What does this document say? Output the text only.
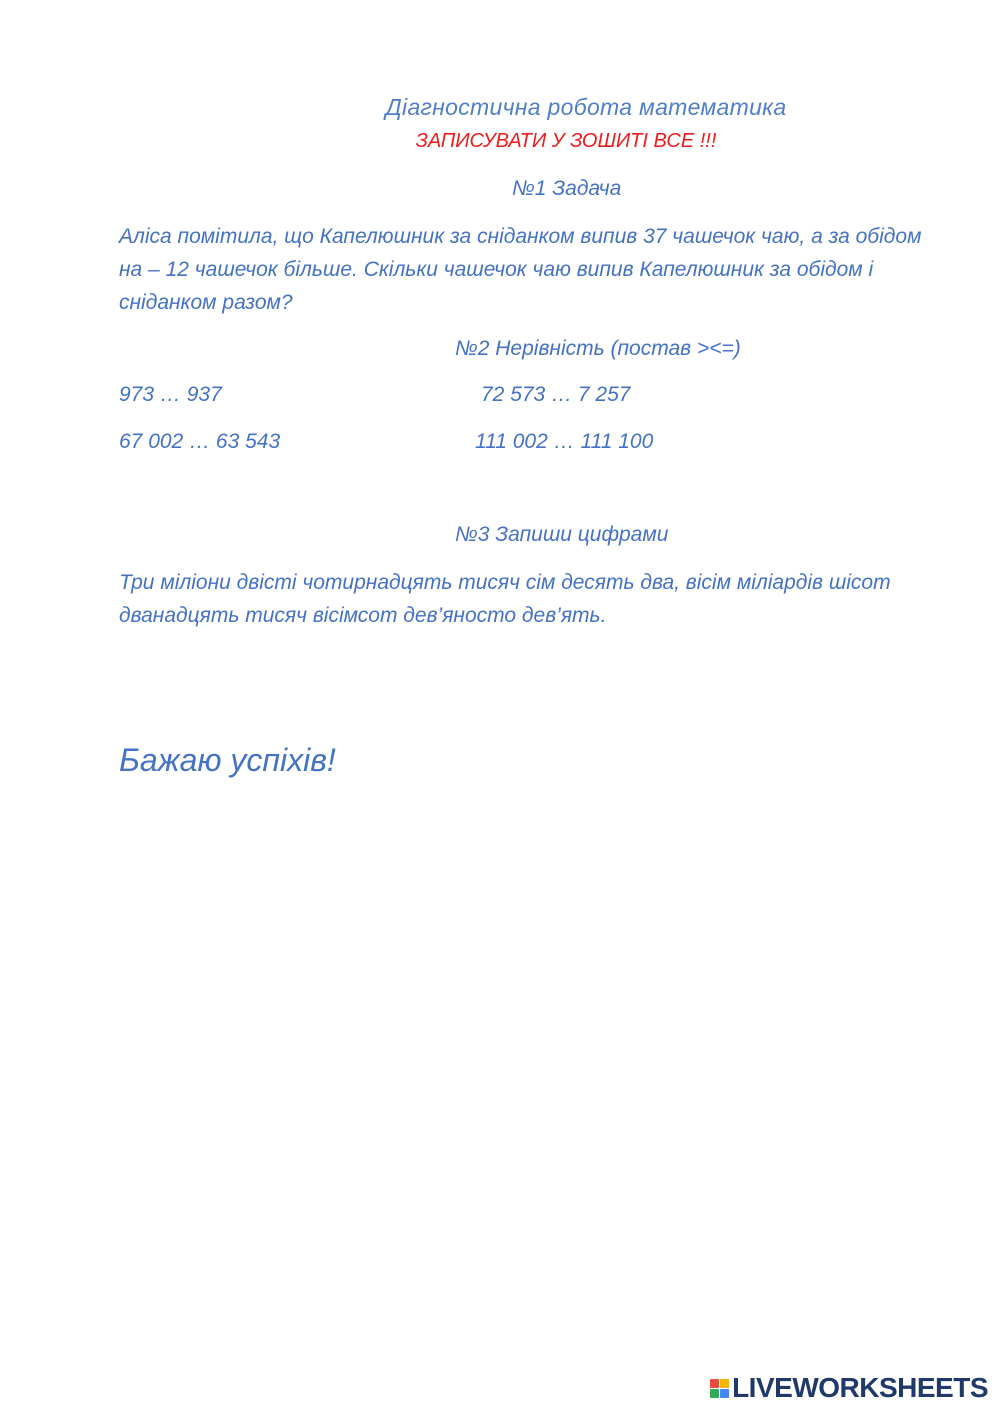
Діагностична робота математика
ЗАПИСУВАТИ У ЗОШИТІ ВСЕ !!!
№1 Задача
Аліса помітила, що Капелюшник за сніданком випив 37 чашечок чаю, а за обідом на – 12 чашечок більше. Скільки чашечок чаю випив Капелюшник за обідом і сніданком разом?
№2 Нерівність (постав ><=)
973 … 937	72 573 … 7 257
67 002 … 63 543	111 002 … 111 100
№3 Запиши цифрами
Три міліони двісті чотирнадцять тисяч сім десять два, вісім міліардів шісот дванадцять тисяч вісімсот дев’яносто дев’ять.
Бажаю успіхів!
LIVEWORKSHEETS
